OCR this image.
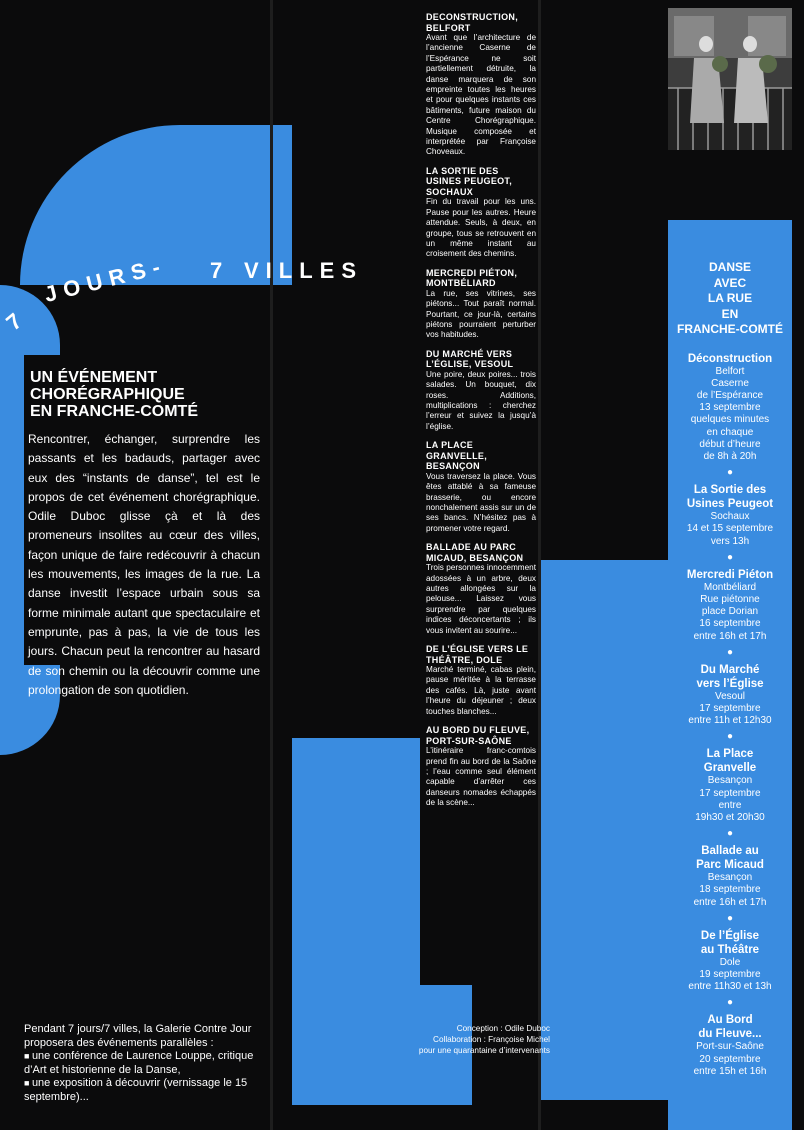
7
JOURS- 7 VILLES
UN ÉVÉNEMENT
CHORÉGRAPHIQUE
EN FRANCHE-COMTÉ
Rencontrer, échanger, surprendre les passants et les badauds, partager avec eux des “instants de danse”, tel est le propos de cet événement chorégraphique. Odile Duboc glisse çà et là des promeneurs insolites au cœur des villes, façon unique de faire redécouvrir à chacun les mouvements, les images de la rue. La danse investit l’espace urbain sous sa forme minimale autant que spectaculaire et emprunte, pas à pas, la vie de tous les jours. Chacun peut la rencontrer au hasard de son chemin ou la découvrir comme une prolongation de son quotidien.
DECONSTRUCTION, BELFORT
Avant que l’architecture de l’ancienne Caserne de l’Espérance ne soit partiellement détruite, la danse marquera de son empreinte toutes les heures et pour quelques instants ces bâtiments, future maison du Centre Chorégraphique. Musique composée et interprétée par Françoise Choveaux.
LA SORTIE DES USINES PEUGEOT, SOCHAUX
Fin du travail pour les uns. Pause pour les autres. Heure attendue. Seuls, à deux, en groupe, tous se retrouvent en un même instant au croisement des chemins.
MERCREDI PIÉTON, MONTBÉLIARD
La rue, ses vitrines, ses piétons... Tout paraît normal. Pourtant, ce jour-là, certains piétons pourraient perturber vos habitudes.
DU MARCHÉ VERS L’ÉGLISE, VESOUL
Une poire, deux poires... trois salades. Un bouquet, dix roses. Additions, multiplications : cherchez l’erreur et suivez la jusqu’à l’église.
LA PLACE GRANVELLE, BESANÇON
Vous traversez la place. Vous êtes attablé à sa fameuse brasserie, ou encore nonchalement assis sur un de ses bancs. N’hésitez pas à promener votre regard.
BALLADE AU PARC MICAUD, BESANÇON
Trois personnes innocemment adossées à un arbre, deux autres allongées sur la pelouse... Laissez vous surprendre par quelques indices déconcertants ; ils vous invitent au sourire...
DE L’ÉGLISE VERS LE THÉÂTRE, DOLE
Marché terminé, cabas plein, pause méritée à la terrasse des cafés. Là, juste avant l’heure du déjeuner ; deux touches blanches...
AU BORD DU FLEUVE, PORT-SUR-SAÔNE
L’itinéraire franc-comtois prend fin au bord de la Saône ; l’eau comme seul élément capable d’arrêter ces danseurs nomades échappés de la scène...
DANSE
AVEC
LA RUE
EN
FRANCHE-COMTÉ
Déconstruction
Belfort
Caserne
de l’Espérance
13 septembre
quelques minutes
en chaque
début d’heure
de 8h à 20h
●
La Sortie des
Usines Peugeot
Sochaux
14 et 15 septembre
vers 13h
●
Mercredi Piéton
Montbéliard
Rue piétonne
place Dorian
16 septembre
entre 16h et 17h
●
Du Marché
vers l’Église
Vesoul
17 septembre
entre 11h et 12h30
●
La Place
Granvelle
Besançon
17 septembre
entre
19h30 et 20h30
●
Ballade au
Parc Micaud
Besançon
18 septembre
entre 16h et 17h
●
De l’Église
au Théâtre
Dole
19 septembre
entre 11h30 et 13h
●
Au Bord
du Fleuve...
Port-sur-Saône
20 septembre
entre 15h et 16h
Conception : Odile Duboc
Collaboration : Françoise Michel
pour une quarantaine d’intervenants
Pendant 7 jours/7 villes, la Galerie Contre Jour proposera des événements parallèles :
■ une conférence de Laurence Louppe, critique d’Art et historienne de la Danse,
■ une exposition à découvrir (vernissage le 15 septembre)...
